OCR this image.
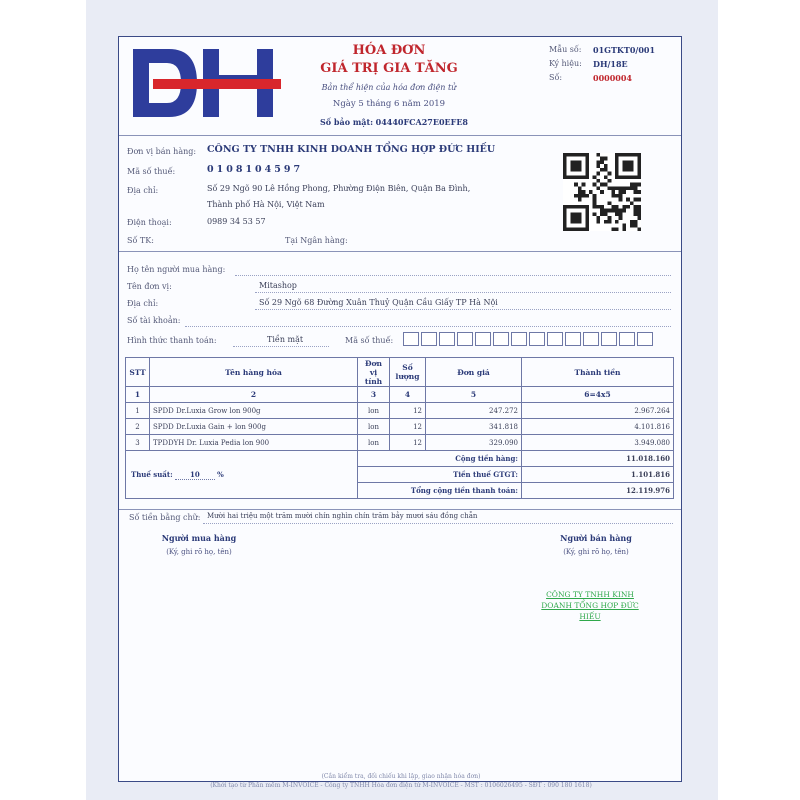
DH	HÓA ĐƠN
GIÁ TRỊ GIA TĂNG
Bản thể hiện của hóa đơn điện tử
Ngày 5 tháng 6 năm 2019
Số bảo mật: 04440FCA27E0EFE8
Mẫu số: 01GTKT0/001
Ký hiệu: DH/18E
Số:	0000004
Đơn vị bán hàng: CÔNG TY TNHH KINH DOANH TỔNG HỢP ĐỨC HIẾU
Mã số thuế:	0108104597
Địa chỉ:	Số 29 Ngõ 90 Lê Hồng Phong, Phường Điện Biên, Quận Ba Đình,
Thành phố Hà Nội, Việt Nam
Điện thoại:	0989 34 53 57
Số TK:	Tại Ngân hàng:
Họ tên người mua hàng:
Tên đơn vị:	Mitashop
Địa chỉ:	Số 29 Ngõ 68 Đường Xuân Thuỷ Quận Cầu Giấy TP Hà Nội
Số tài khoản:
Hình thức thanh toán:	Tiền mặt	Mã số thuế:
STT	Tên hàng hóa	Đơn vị tính	Số lượng	Đơn giá	Thành tiền
1	2	3	4	5	6=4x5
1	SPDD Dr.Luxia Grow lon 900g	lon	12	247.272	2.967.264
2	SPDD Dr.Luxia Gain + lon 900g	lon	12	341.818	4.101.816
3	TPDDYH Dr. Luxia Pedia lon 900	lon	12	329.090	3.949.080
Thuế suất: 10 %		Cộng tiền hàng:			11.018.160
		Tiền thuế GTGT:			1.101.816
		Tổng cộng tiền thanh toán:			12.119.976
Số tiền bằng chữ: Mười hai triệu một trăm mười chín nghìn chín trăm bảy mươi sáu đồng chẵn
Người mua hàng
(Ký, ghi rõ họ, tên)
Người bán hàng
(Ký, ghi rõ họ, tên)
CÔNG TY TNHH KINH
DOANH TỔNG HỢP ĐỨC
HIẾU
(Cần kiểm tra, đối chiếu khi lập, giao nhận hóa đơn)
(Khởi tạo từ Phần mềm M-INVOICE - Công ty TNHH Hóa đơn điện tử M-INVOICE - MST : 0106026495 - SĐT : 090 180 1618)
